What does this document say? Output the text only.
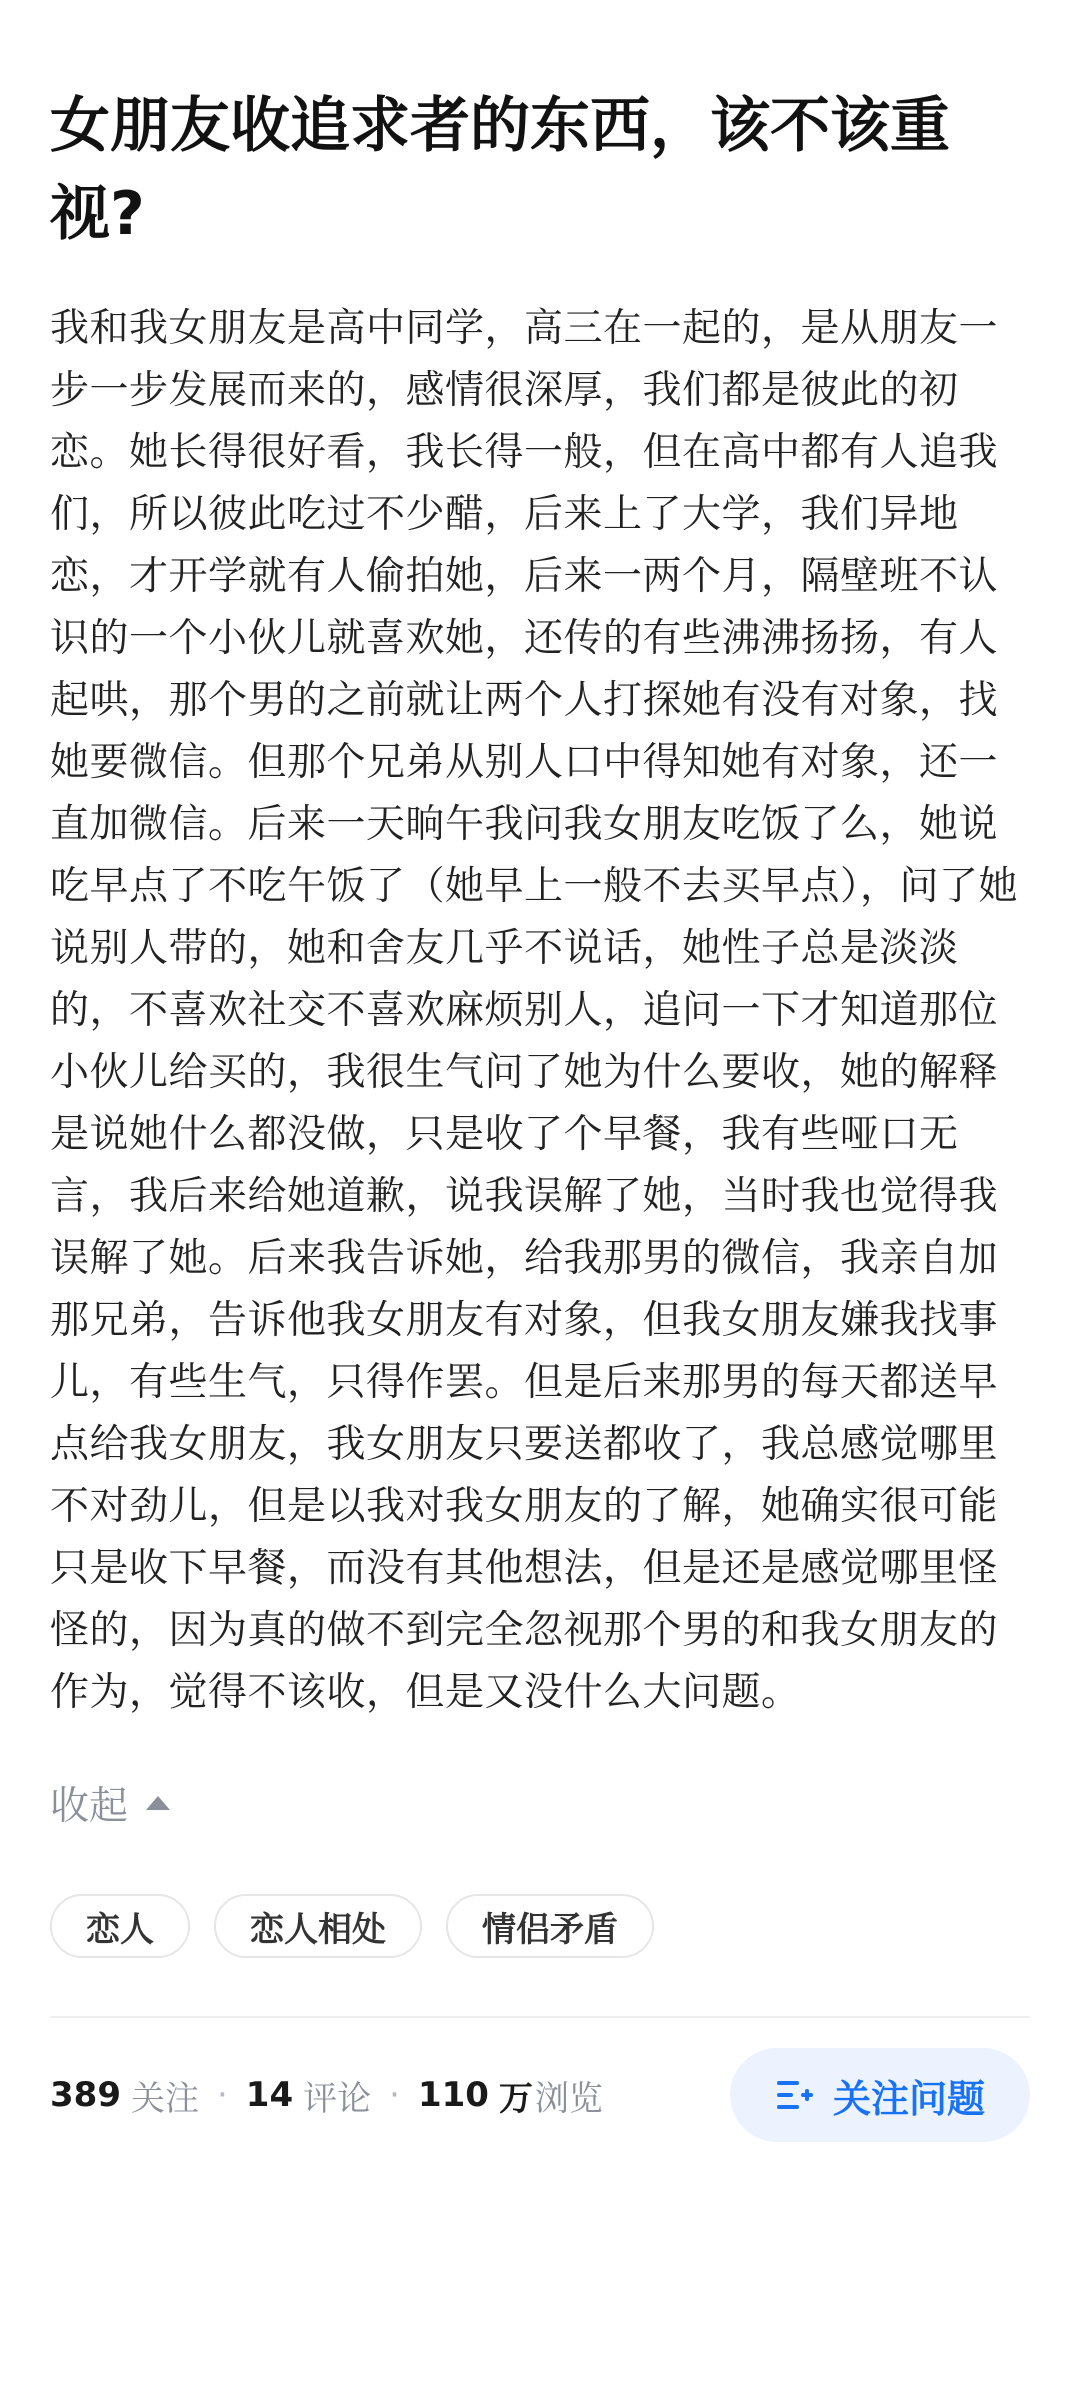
女朋友收追求者的东西，该不该重视?
我和我女朋友是高中同学，高三在一起的，是从朋友一步一步发展而来的，感情很深厚，我们都是彼此的初恋。她长得很好看，我长得一般，但在高中都有人追我们，所以彼此吃过不少醋，后来上了大学，我们异地恋，才开学就有人偷拍她，后来一两个月，隔壁班不认识的一个小伙儿就喜欢她，还传的有些沸沸扬扬，有人起哄，那个男的之前就让两个人打探她有没有对象，找她要微信。但那个兄弟从别人口中得知她有对象，还一直加微信。后来一天晌午我问我女朋友吃饭了么，她说吃早点了不吃午饭了（她早上一般不去买早点），问了她说别人带的，她和舍友几乎不说话，她性子总是淡淡的，不喜欢社交不喜欢麻烦别人，追问一下才知道那位小伙儿给买的，我很生气问了她为什么要收，她的解释是说她什么都没做，只是收了个早餐，我有些哑口无言，我后来给她道歉，说我误解了她，当时我也觉得我误解了她。后来我告诉她，给我那男的微信，我亲自加那兄弟，告诉他我女朋友有对象，但我女朋友嫌我找事儿，有些生气，只得作罢。但是后来那男的每天都送早点给我女朋友，我女朋友只要送都收了，我总感觉哪里不对劲儿，但是以我对我女朋友的了解，她确实很可能只是收下早餐，而没有其他想法，但是还是感觉哪里怪怪的，因为真的做不到完全忽视那个男的和我女朋友的作为，觉得不该收，但是又没什么大问题。
收起
恋人	恋人相处	情侣矛盾
389 关注 · 14 评论 · 110 万 浏览	关注问题
